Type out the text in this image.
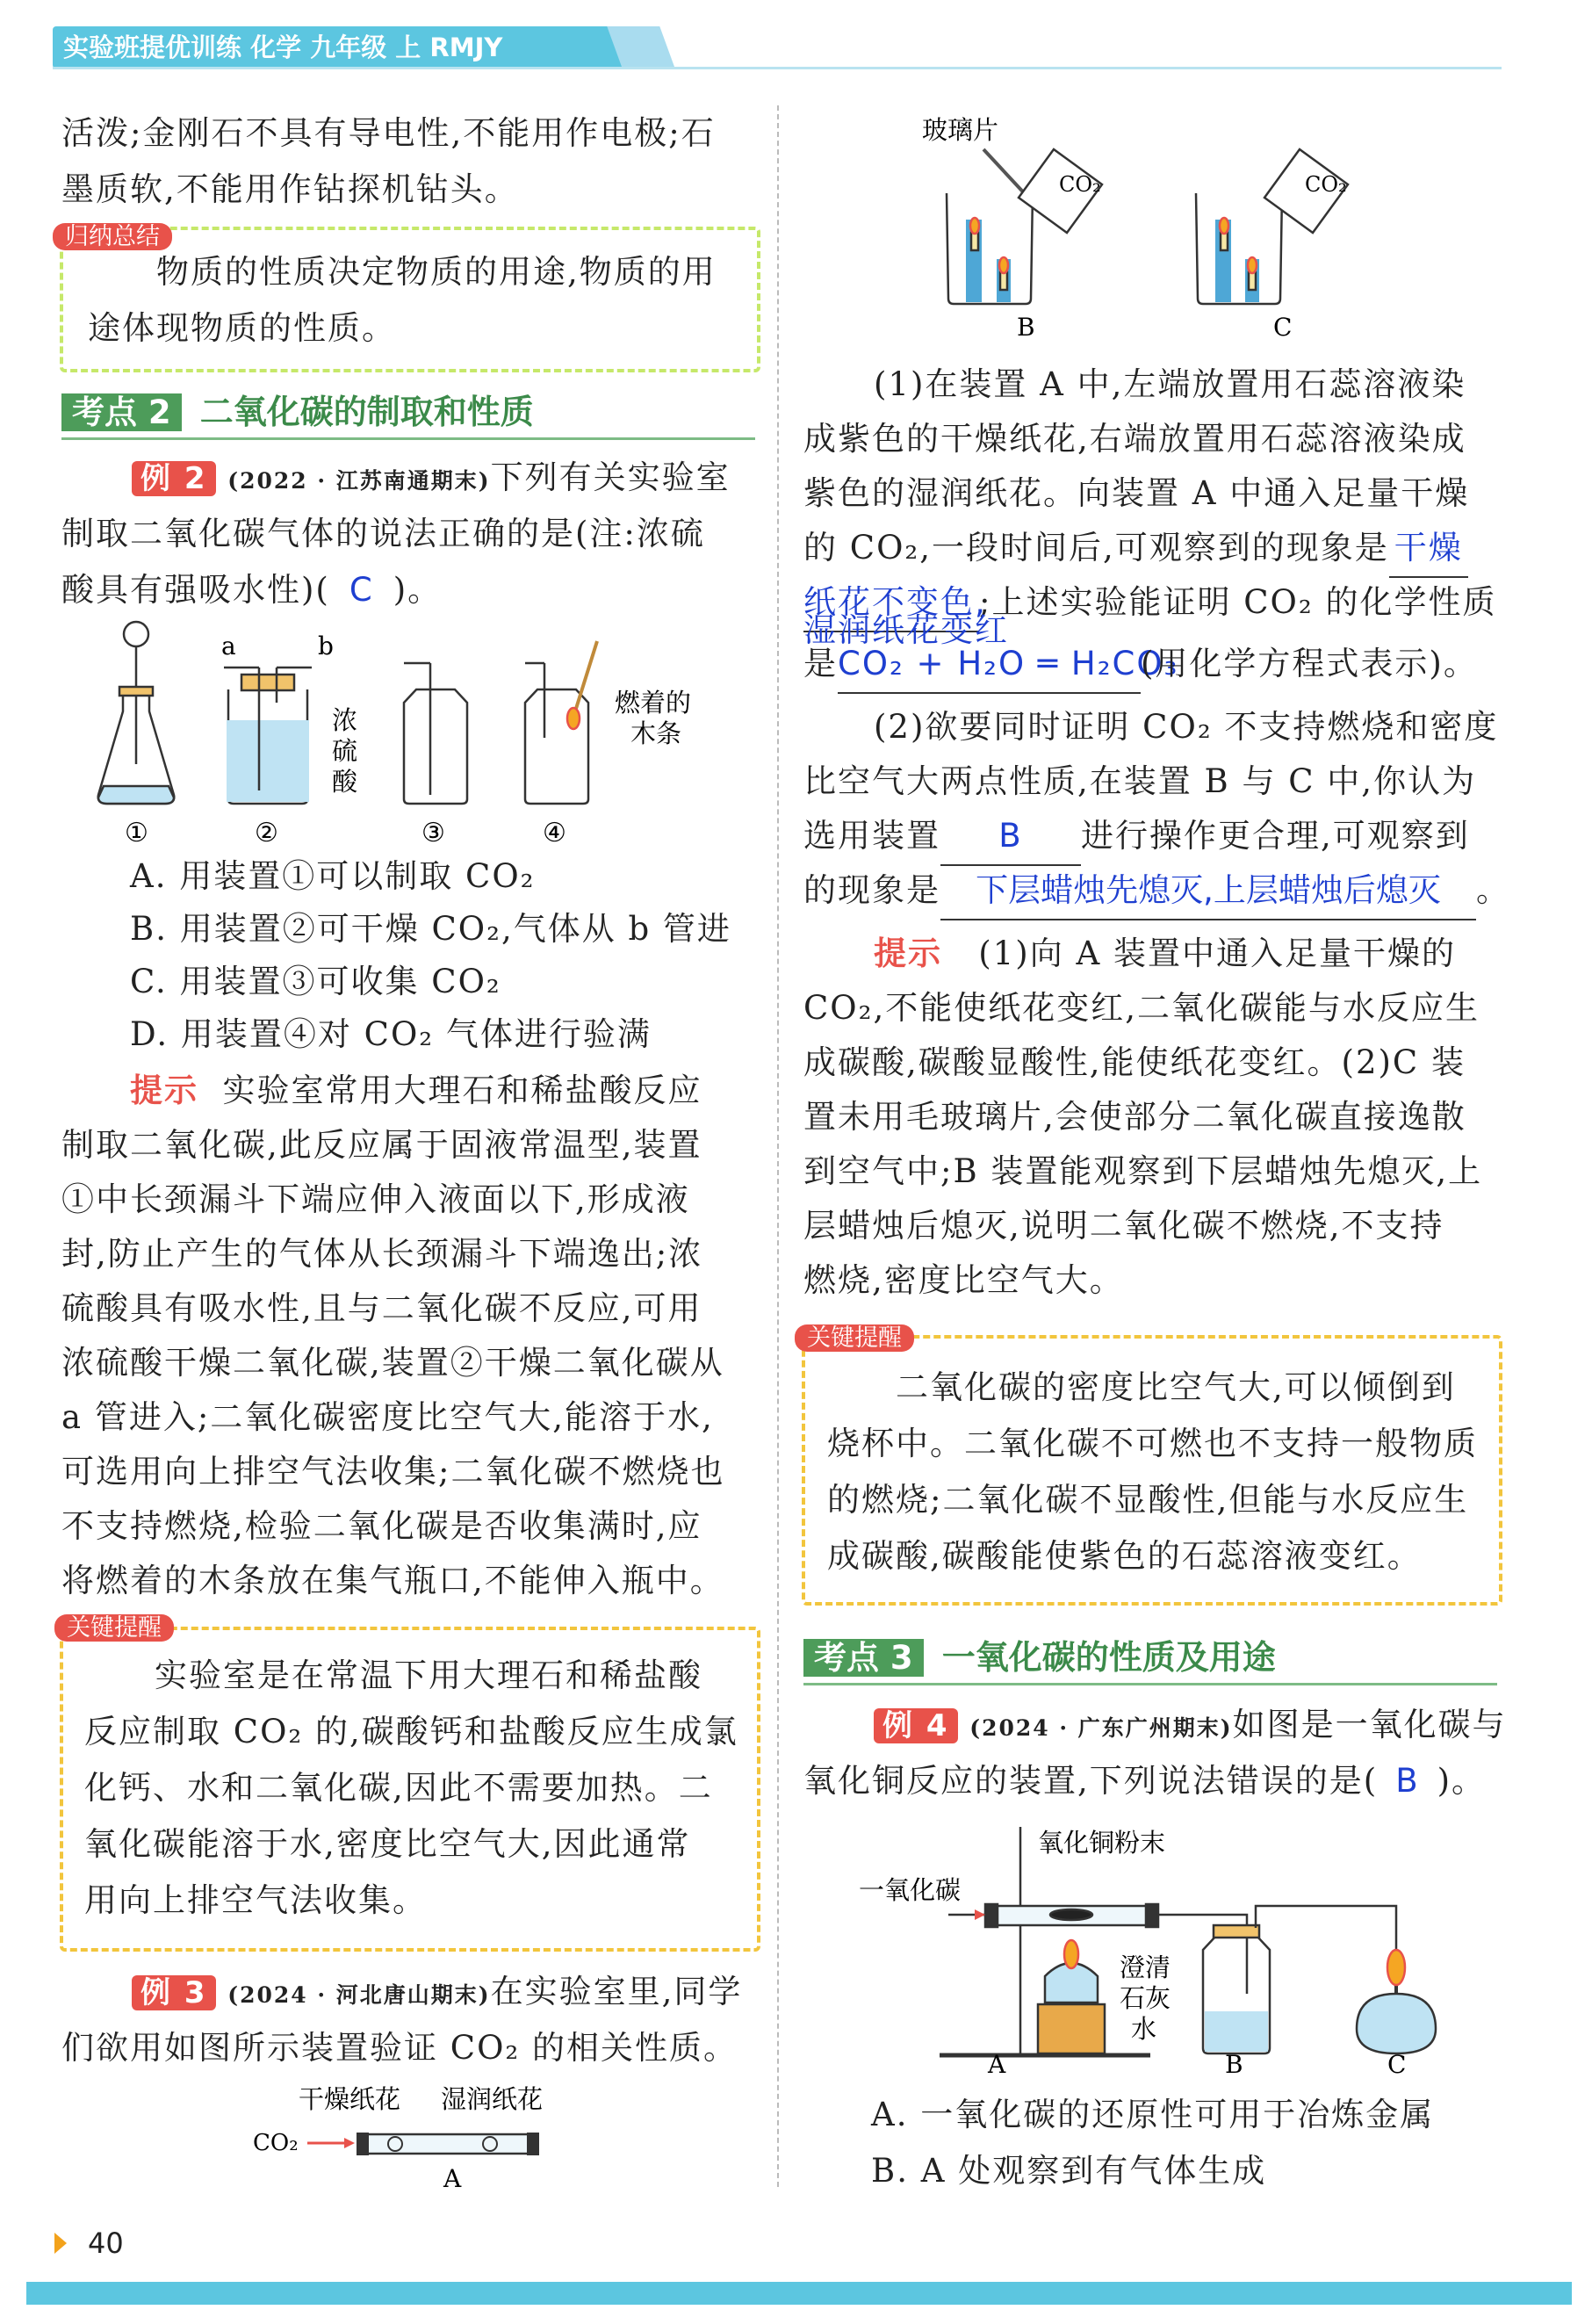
实验班提优训练 化学 九年级 上 RMJY
活泼;金刚石不具有导电性,不能用作电极;石
墨质软,不能用作钻探机钻头。
归纳总结
物质的性质决定物质的用途,物质的用
途体现物质的性质。
考点 2 二氧化碳的制取和性质
例 2 (2022 · 江苏南通期末)下列有关实验室
制取二氧化碳气体的说法正确的是(注:浓硫
酸具有强吸水性)( C )。
a	b
浓
硫
酸
燃着的
木条
①	②	③	④
A. 用装置①可以制取 CO₂
B. 用装置②可干燥 CO₂,气体从 b 管进
C. 用装置③可收集 CO₂
D. 用装置④对 CO₂ 气体进行验满
提示 实验室常用大理石和稀盐酸反应
制取二氧化碳,此反应属于固液常温型,装置
①中长颈漏斗下端应伸入液面以下,形成液
封,防止产生的气体从长颈漏斗下端逸出;浓
硫酸具有吸水性,且与二氧化碳不反应,可用
浓硫酸干燥二氧化碳,装置②干燥二氧化碳从
a 管进入;二氧化碳密度比空气大,能溶于水,
可选用向上排空气法收集;二氧化碳不燃烧也
不支持燃烧,检验二氧化碳是否收集满时,应
将燃着的木条放在集气瓶口,不能伸入瓶中。
关键提醒
实验室是在常温下用大理石和稀盐酸
反应制取 CO₂ 的,碳酸钙和盐酸反应生成氯
化钙、水和二氧化碳,因此不需要加热。二
氧化碳能溶于水,密度比空气大,因此通常
用向上排空气法收集。
例 3 (2024 · 河北唐山期末)在实验室里,同学
们欲用如图所示装置验证 CO₂ 的相关性质。
干燥纸花 湿润纸花
CO₂
A
玻璃片
CO₂	CO₂
B	C
(1)在装置 A 中,左端放置用石蕊溶液染
成紫色的干燥纸花,右端放置用石蕊溶液染成
紫色的湿润纸花。向装置 A 中通入足量干燥
的 CO₂,一段时间后,可观察到的现象是 干燥
纸花不变色,;上述实验能证明 CO₂ 的化学性质
湿润纸花变红
是CO₂ + H₂O ═ H₂CO₃(用化学方程式表示)。
(2)欲要同时证明 CO₂ 不支持燃烧和密度
比空气大两点性质,在装置 B 与 C 中,你认为
选用装置 B 进行操作更合理,可观察到
的现象是 下层蜡烛先熄灭,上层蜡烛后熄灭 。
提示 (1)向 A 装置中通入足量干燥的
CO₂,不能使纸花变红,二氧化碳能与水反应生
成碳酸,碳酸显酸性,能使纸花变红。(2)C 装
置未用毛玻璃片,会使部分二氧化碳直接逸散
到空气中;B 装置能观察到下层蜡烛先熄灭,上
层蜡烛后熄灭,说明二氧化碳不燃烧,不支持
燃烧,密度比空气大。
关键提醒
二氧化碳的密度比空气大,可以倾倒到
烧杯中。二氧化碳不可燃也不支持一般物质
的燃烧;二氧化碳不显酸性,但能与水反应生
成碳酸,碳酸能使紫色的石蕊溶液变红。
考点 3 一氧化碳的性质及用途
例 4 (2024 · 广东广州期末)如图是一氧化碳与
氧化铜反应的装置,下列说法错误的是( B )。
氧化铜粉末
一氧化碳
澄清
石灰
水
A	B	C
A. 一氧化碳的还原性可用于冶炼金属
B. A 处观察到有气体生成
40
